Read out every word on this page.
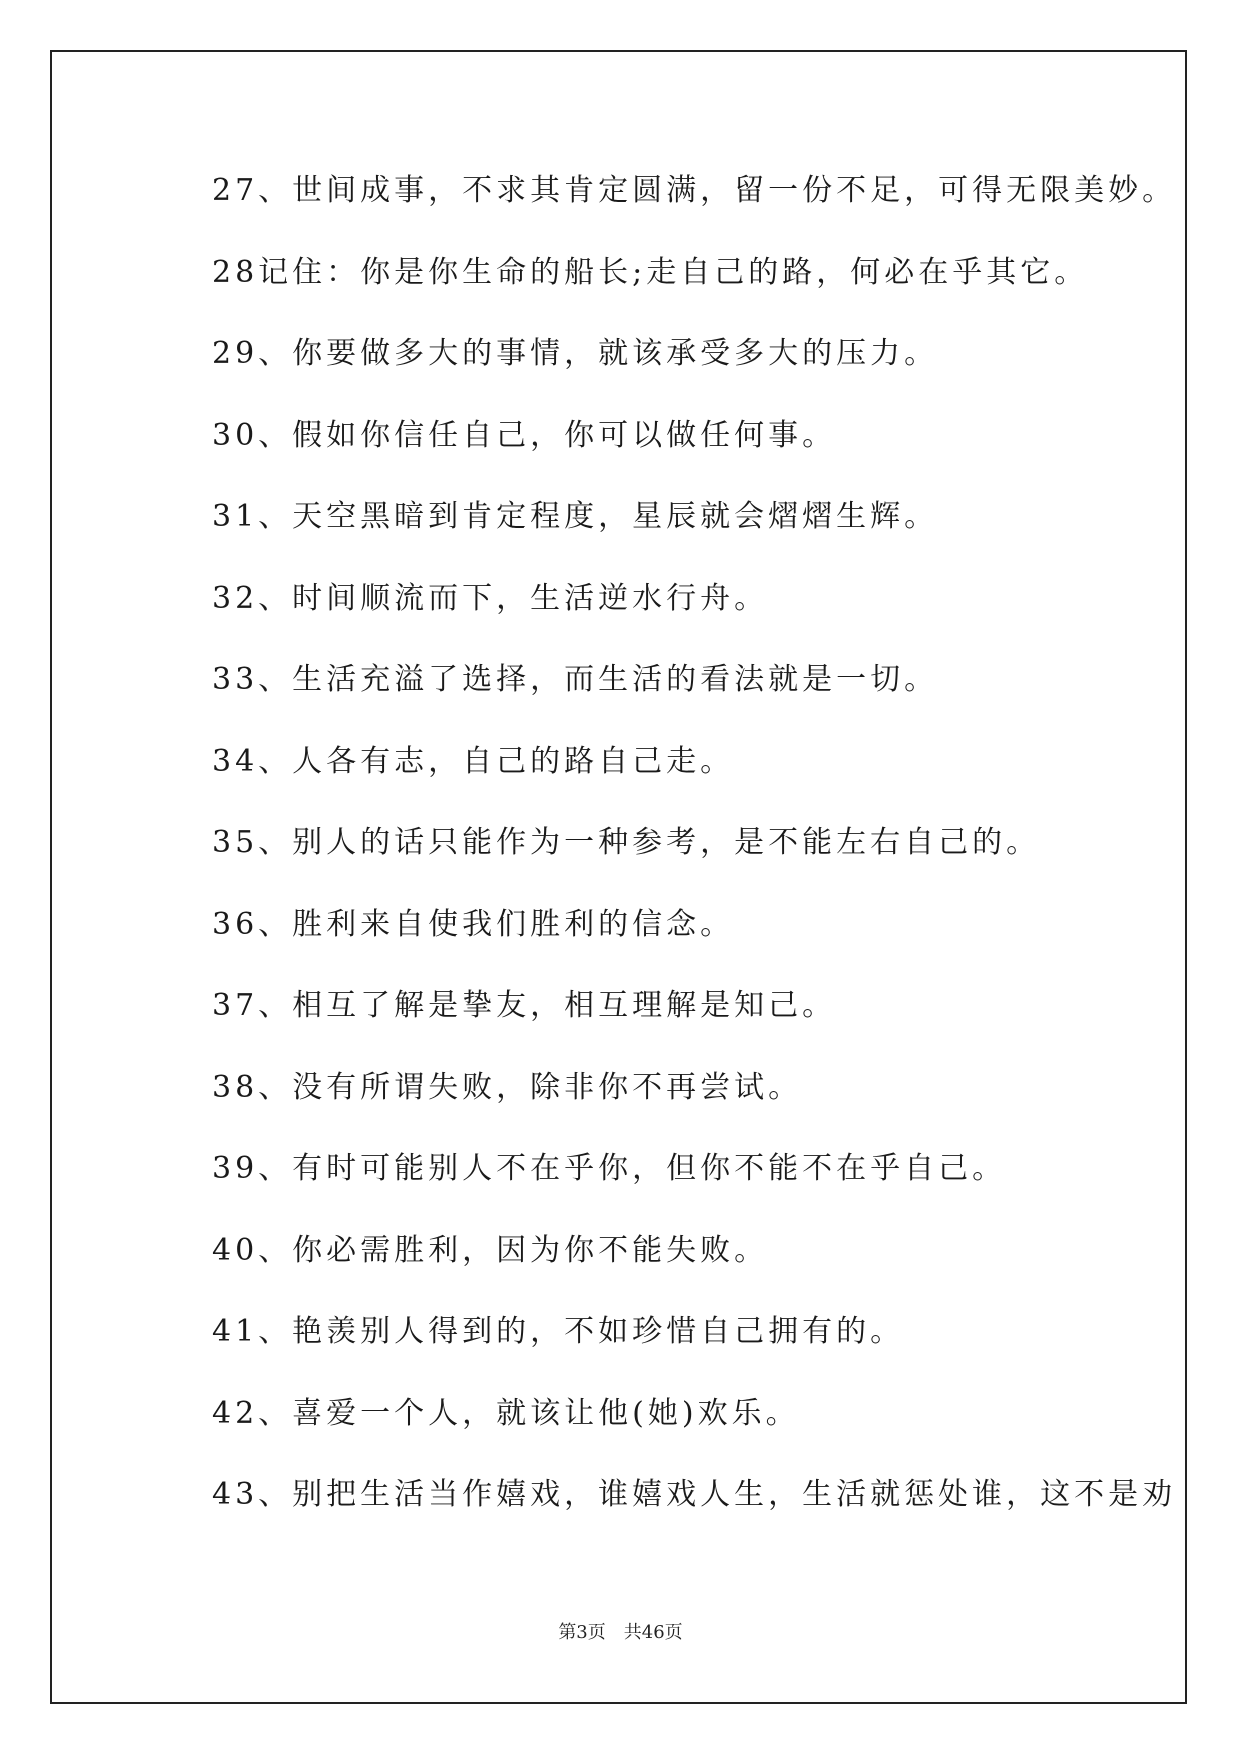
27、世间成事，不求其肯定圆满，留一份不足，可得无限美妙。
28记住：你是你生命的船长;走自己的路，何必在乎其它。
29、你要做多大的事情，就该承受多大的压力。
30、假如你信任自己，你可以做任何事。
31、天空黑暗到肯定程度，星辰就会熠熠生辉。
32、时间顺流而下，生活逆水行舟。
33、生活充溢了选择，而生活的看法就是一切。
34、人各有志，自己的路自己走。
35、别人的话只能作为一种参考，是不能左右自己的。
36、胜利来自使我们胜利的信念。
37、相互了解是挚友，相互理解是知己。
38、没有所谓失败，除非你不再尝试。
39、有时可能别人不在乎你，但你不能不在乎自己。
40、你必需胜利，因为你不能失败。
41、艳羡别人得到的，不如珍惜自己拥有的。
42、喜爱一个人，就该让他(她)欢乐。
43、别把生活当作嬉戏，谁嬉戏人生，生活就惩处谁，这不是劝
第3页　共46页
